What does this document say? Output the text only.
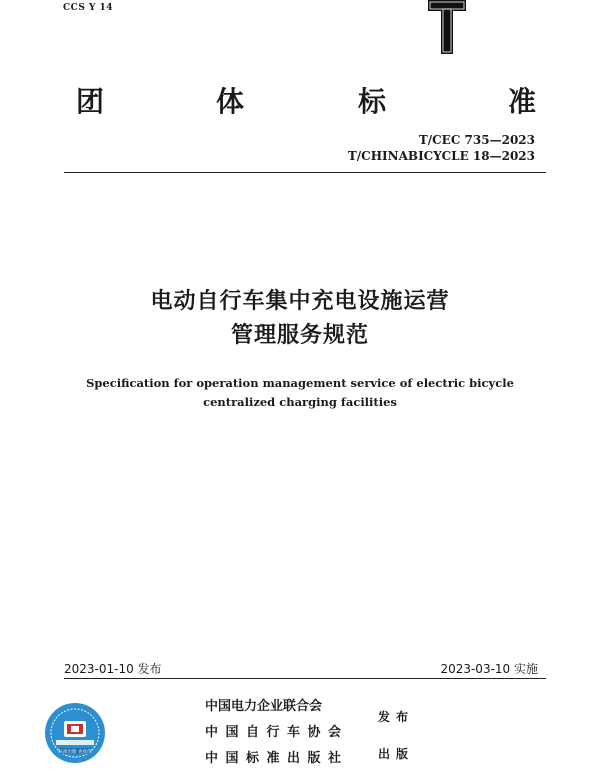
CCS Y 14
团	体	标	准
T/CEC 735—2023
T/CHINABICYCLE 18—2023
电动自行车集中充电设施运营
管理服务规范
Specification for operation management service of electric bicycle
centralized charging facilities
2023-01-10 发布	2023-03-10 实施
标准出版 查真伪
中国电力企业联合会
中国自行车协会
中国标准出版社
发布
出版
